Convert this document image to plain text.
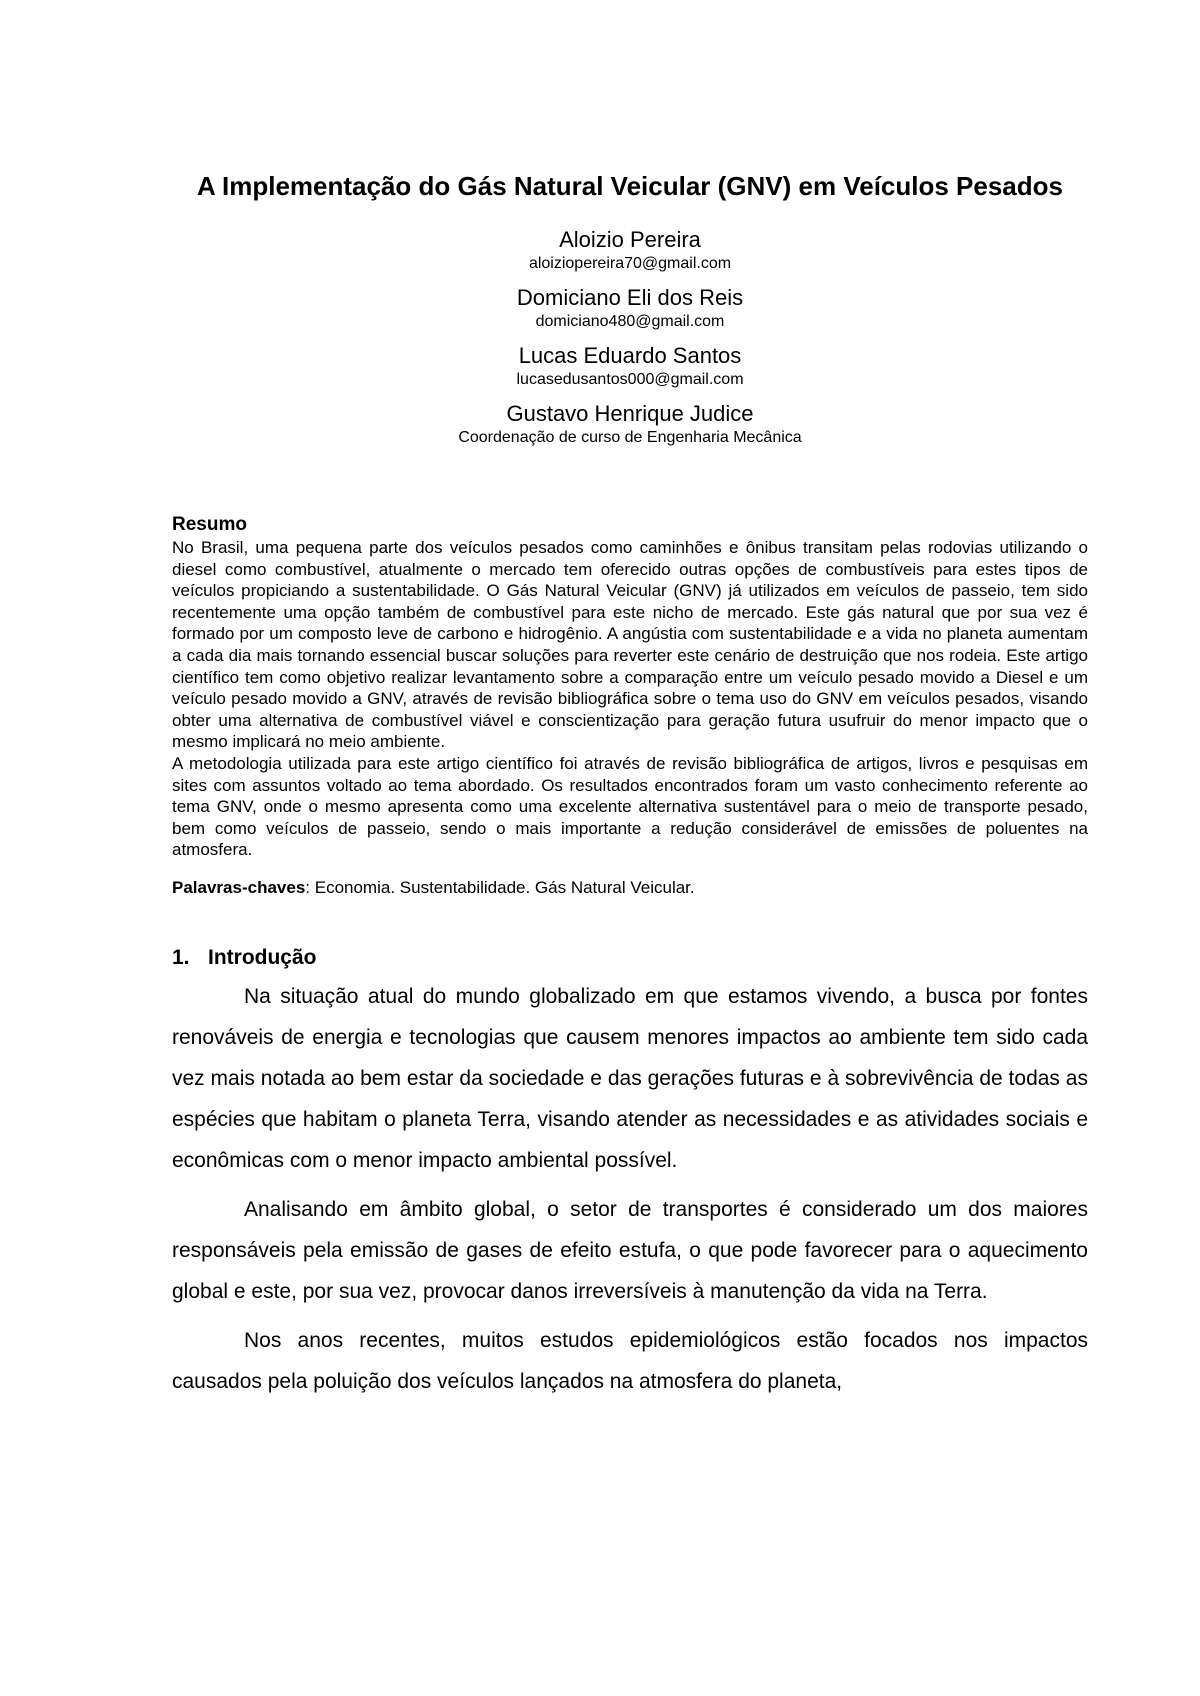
A Implementação do Gás Natural Veicular (GNV) em Veículos Pesados
Aloizio Pereira
aloiziopereira70@gmail.com
Domiciano Eli dos Reis
domiciano480@gmail.com
Lucas Eduardo Santos
lucasedusantos000@gmail.com
Gustavo Henrique Judice
Coordenação de curso de Engenharia Mecânica
Resumo

No Brasil, uma pequena parte dos veículos pesados como caminhões e ônibus transitam pelas rodovias utilizando o diesel como combustível, atualmente o mercado tem oferecido outras opções de combustíveis para estes tipos de veículos propiciando a sustentabilidade. O Gás Natural Veicular (GNV) já utilizados em veículos de passeio, tem sido recentemente uma opção também de combustível para este nicho de mercado. Este gás natural que por sua vez é formado por um composto leve de carbono e hidrogênio. A angústia com sustentabilidade e a vida no planeta aumentam a cada dia mais tornando essencial buscar soluções para reverter este cenário de destruição que nos rodeia. Este artigo científico tem como objetivo realizar levantamento sobre a comparação entre um veículo pesado movido a Diesel e um veículo pesado movido a GNV, através de revisão bibliográfica sobre o tema uso do GNV em veículos pesados, visando obter uma alternativa de combustível viável e conscientização para geração futura usufruir do menor impacto que o mesmo implicará no meio ambiente.

A metodologia utilizada para este artigo científico foi através de revisão bibliográfica de artigos, livros e pesquisas em sites com assuntos voltado ao tema abordado. Os resultados encontrados foram um vasto conhecimento referente ao tema GNV, onde o mesmo apresenta como uma excelente alternativa sustentável para o meio de transporte pesado, bem como veículos de passeio, sendo o mais importante a redução considerável de emissões de poluentes na atmosfera.

Palavras-chaves: Economia. Sustentabilidade. Gás Natural Veicular.
1. Introdução

Na situação atual do mundo globalizado em que estamos vivendo, a busca por fontes renováveis de energia e tecnologias que causem menores impactos ao ambiente tem sido cada vez mais notada ao bem estar da sociedade e das gerações futuras e à sobrevivência de todas as espécies que habitam o planeta Terra, visando atender as necessidades e as atividades sociais e econômicas com o menor impacto ambiental possível.

Analisando em âmbito global, o setor de transportes é considerado um dos maiores responsáveis pela emissão de gases de efeito estufa, o que pode favorecer para o aquecimento global e este, por sua vez, provocar danos irreversíveis à manutenção da vida na Terra.

Nos anos recentes, muitos estudos epidemiológicos estão focados nos impactos causados pela poluição dos veículos lançados na atmosfera do planeta,
